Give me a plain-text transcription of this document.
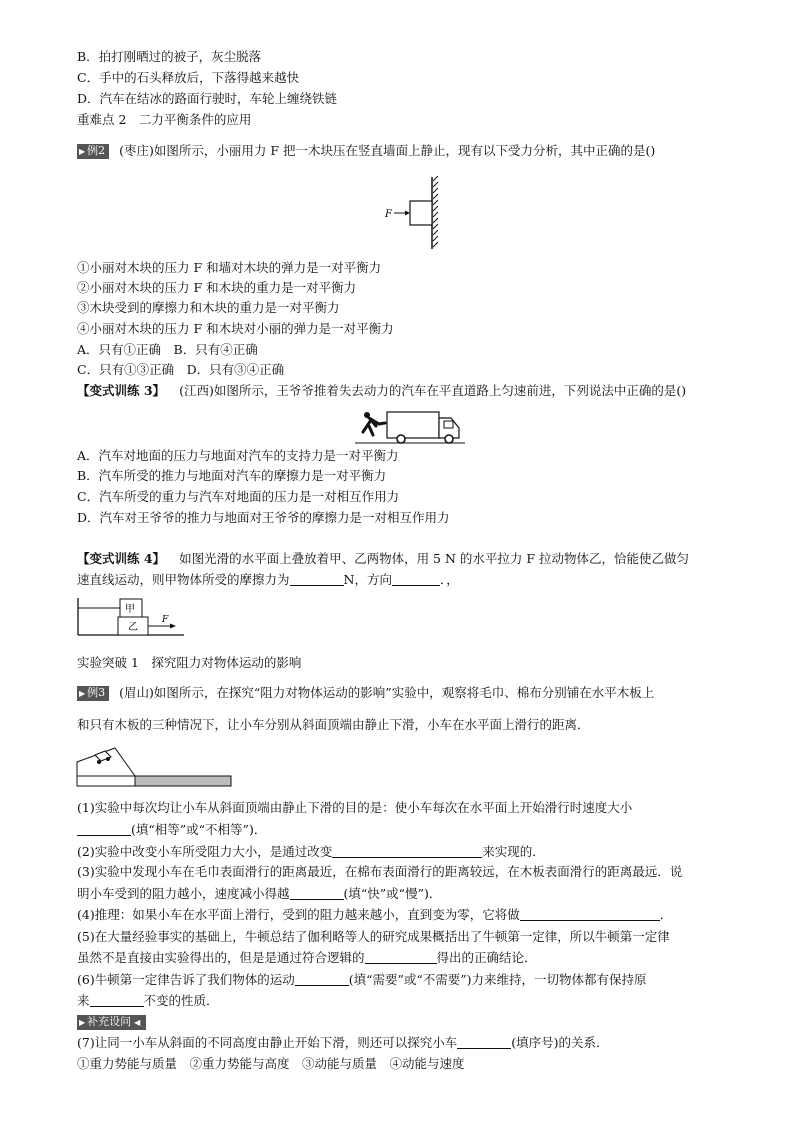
B．拍打刚晒过的被子，灰尘脱落
C．手中的石头释放后，下落得越来越快
D．汽车在结冰的路面行驶时，车轮上缠绕铁链
重难点 2　二力平衡条件的应用
▶ 例2 (枣庄)如图所示，小丽用力 F 把一木块压在竖直墙面上静止，现有以下受力分析，其中正确的是()
F
①小丽对木块的压力 F 和墙对木块的弹力是一对平衡力
②小丽对木块的压力 F 和木块的重力是一对平衡力
③木块受到的摩擦力和木块的重力是一对平衡力
④小丽对木块的压力 F 和木块对小丽的弹力是一对平衡力
A．只有①正确　B．只有④正确
C．只有①③正确　D．只有③④正确
【变式训练 3】 (江西)如图所示，王爷爷推着失去动力的汽车在平直道路上匀速前进，下列说法中正确的是()
A．汽车对地面的压力与地面对汽车的支持力是一对平衡力
B．汽车所受的推力与地面对汽车的摩擦力是一对平衡力
C．汽车所受的重力与汽车对地面的压力是一对相互作用力
D．汽车对王爷爷的推力与地面对王爷爷的摩擦力是一对相互作用力
【变式训练 4】 如图光滑的水平面上叠放着甲、乙两物体，用 5 N 的水平拉力 F 拉动物体乙，恰能使乙做匀
速直线运动，则甲物体所受的摩擦力为	N，方向	．，
甲
乙
F
实验突破 1　探究阻力对物体运动的影响
▶ 例3 (眉山)如图所示，在探究“阻力对物体运动的影响”实验中，观察将毛巾、棉布分别铺在水平木板上
和只有木板的三种情况下，让小车分别从斜面顶端由静止下滑，小车在水平面上滑行的距离．
(1)实验中每次均让小车从斜面顶端由静止下滑的目的是：使小车每次在水平面上开始滑行时速度大小
(填“相等”或“不相等”)．
(2)实验中改变小车所受阻力大小，是通过改变	来实现的．
(3)实验中发现小车在毛巾表面滑行的距离最近，在棉布表面滑行的距离较远，在木板表面滑行的距离最远．说
明小车受到的阻力越小，速度减小得越	(填“快”或“慢”)．
(4)推理：如果小车在水平面上滑行，受到的阻力越来越小，直到变为零，它将做	．
(5)在大量经验事实的基础上，牛顿总结了伽利略等人的研究成果概括出了牛顿第一定律，所以牛顿第一定律
虽然不是直接由实验得出的，但是是通过符合逻辑的	得出的正确结论．
(6)牛顿第一定律告诉了我们物体的运动	(填“需要”或“不需要”)力来维持，一切物体都有保持原
来	不变的性质．
▶ 补充设问 ◀
(7)让同一小车从斜面的不同高度由静止开始下滑，则还可以探究小车	(填序号)的关系．
①重力势能与质量　②重力势能与高度　③动能与质量　④动能与速度
